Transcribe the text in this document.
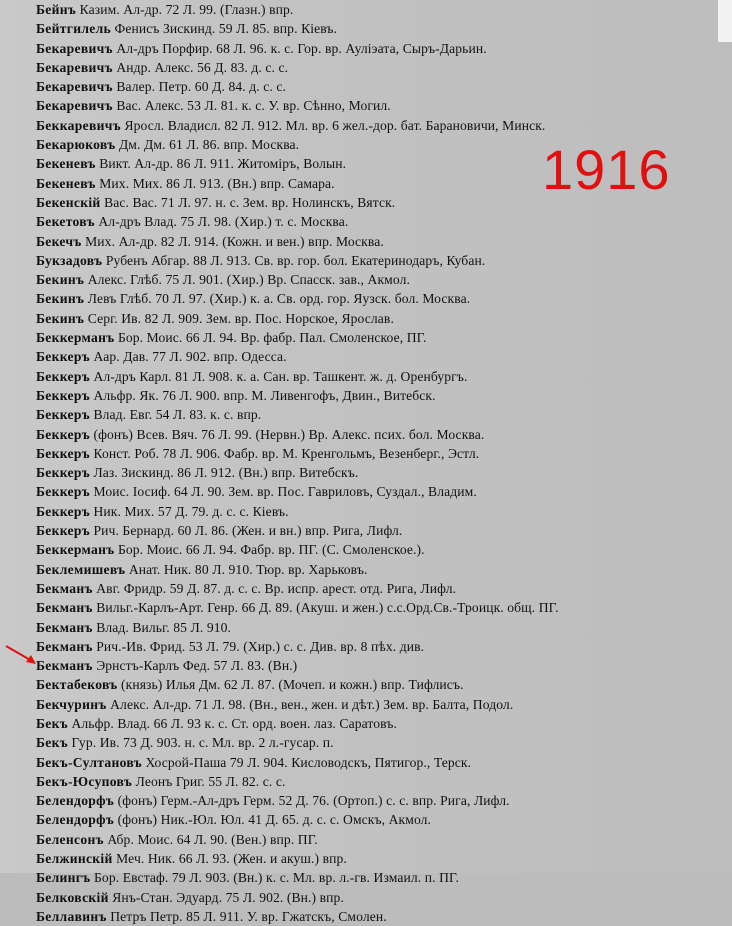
Бейнъ Казим. Ал-др. 72 Л. 99. (Глазн.) впр.
Бейтгилель Фенисъ Зискинд. 59 Л. 85. впр. Кіевъ.
Бекаревичъ Ал-дръ Порфир. 68 Л. 96. к. с. Гор. вр. Ауліэата, Сыръ-Дарьин.
Бекаревичъ Андр. Алекс. 56 Д. 83. д. с. с.
Бекаревичъ Валер. Петр. 60 Д. 84. д. с. с.
Бекаревичъ Вас. Алекс. 53 Л. 81. к. с. У. вр. Сѣнно, Могил.
Беккаревичъ Яросл. Владисл. 82 Л. 912. Мл. вр. 6 жел.-дор. бат. Барановичи, Минск.
Бекарюковъ Дм. Дм. 61 Л. 86. впр. Москва.
Бекеневъ Викт. Ал-др. 86 Л. 911. Житоміръ, Волын.
Бекеневъ Мих. Мих. 86 Л. 913. (Вн.) впр. Самара.
Бекенскій Вас. Вас. 71 Л. 97. н. с. Зем. вр. Нолинскъ, Вятск.
Бекетовъ Ал-дръ Влад. 75 Л. 98. (Хир.) т. с. Москва.
Бекечъ Мих. Ал-др. 82 Л. 914. (Кожн. и вен.) впр. Москва.
Букзадовъ Рубенъ Абгар. 88 Л. 913. Св. вр. гор. бол. Екатеринодаръ, Кубан.
Бекинъ Алекс. Глѣб. 75 Л. 901. (Хир.) Вр. Спасск. зав., Акмол.
Бекинъ Левъ Глѣб. 70 Л. 97. (Хир.) к. а. Св. орд. гор. Яузск. бол. Москва.
Бекинъ Серг. Ив. 82 Л. 909. Зем. вр. Пос. Норское, Ярослав.
Беккерманъ Бор. Моис. 66 Л. 94. Вр. фабр. Пал. Смоленское, ПГ.
Беккеръ Аар. Дав. 77 Л. 902. впр. Одесса.
Беккеръ Ал-дръ Карл. 81 Л. 908. к. а. Сан. вр. Ташкент. ж. д. Оренбургъ.
Беккеръ Альфр. Як. 76 Л. 900. впр. М. Ливенгофъ, Двин., Витебск.
Беккеръ Влад. Евг. 54 Л. 83. к. с. впр.
Беккеръ (фонъ) Всев. Вяч. 76 Л. 99. (Нервн.) Вр. Алекс. псих. бол. Москва.
Беккеръ Конст. Роб. 78 Л. 906. Фабр. вр. М. Кренгольмъ, Везенберг., Эстл.
Беккеръ Лаз. Зискинд. 86 Л. 912. (Вн.) впр. Витебскъ.
Беккеръ Моис. Іосиф. 64 Л. 90. Зем. вр. Пос. Гавриловъ, Суздал., Владим.
Беккеръ Ник. Мих. 57 Д. 79. д. с. с. Кіевъ.
Беккеръ Рич. Бернард. 60 Л. 86. (Жен. и вн.) впр. Рига, Лифл.
Беккерманъ Бор. Моис. 66 Л. 94. Фабр. вр. ПГ. (С. Смоленское.).
Беклемишевъ Анат. Ник. 80 Л. 910. Тюр. вр. Харьковъ.
Бекманъ Авг. Фридр. 59 Д. 87. д. с. с. Вр. испр. арест. отд. Рига, Лифл.
Бекманъ Вильг.-Карлъ-Арт. Генр. 66 Д. 89. (Акуш. и жен.) с.с.Орд.Св.-Троицк. общ. ПГ.
Бекманъ Влад. Вильг. 85 Л. 910.
Бекманъ Рич.-Ив. Фрид. 53 Л. 79. (Хир.) с. с. Див. вр. 8 пѣх. див.
Бекманъ Эрнстъ-Карлъ Фед. 57 Л. 83. (Вн.)
Бектабековъ (князь) Илья Дм. 62 Л. 87. (Мочеп. и кожн.) впр. Тифлисъ.
Бекчуринъ Алекс. Ал-др. 71 Л. 98. (Вн., вен., жен. и дѣт.) Зем. вр. Балта, Подол.
Бекъ Альфр. Влад. 66 Л. 93 к. с. Ст. орд. воен. лаз. Саратовъ.
Бекъ Гур. Ив. 73 Д. 903. н. с. Мл. вр. 2 л.-гусар. п.
Бекъ-Султановъ Хосрой-Паша 79 Л. 904. Кисловодскъ, Пятигор., Терск.
Бекъ-Юсуповъ Леонъ Григ. 55 Л. 82. с. с.
Белендорфъ (фонъ) Герм.-Ал-дръ Герм. 52 Д. 76. (Ортоп.) с. с. впр. Рига, Лифл.
Белендорфъ (фонъ) Ник.-Юл. Юл. 41 Д. 65. д. с. с. Омскъ, Акмол.
Беленсонъ Абр. Моис. 64 Л. 90. (Вен.) впр. ПГ.
Белжинскій Меч. Ник. 66 Л. 93. (Жен. и акуш.) впр.
Белингъ Бор. Евстаф. 79 Л. 903. (Вн.) к. с. Мл. вр. л.-гв. Измаил. п. ПГ.
Белковскій Янъ-Стан. Эдуард. 75 Л. 902. (Вн.) впр.
Беллавинъ Петръ Петр. 85 Л. 911. У. вр. Гжатскъ, Смолен.
1916
